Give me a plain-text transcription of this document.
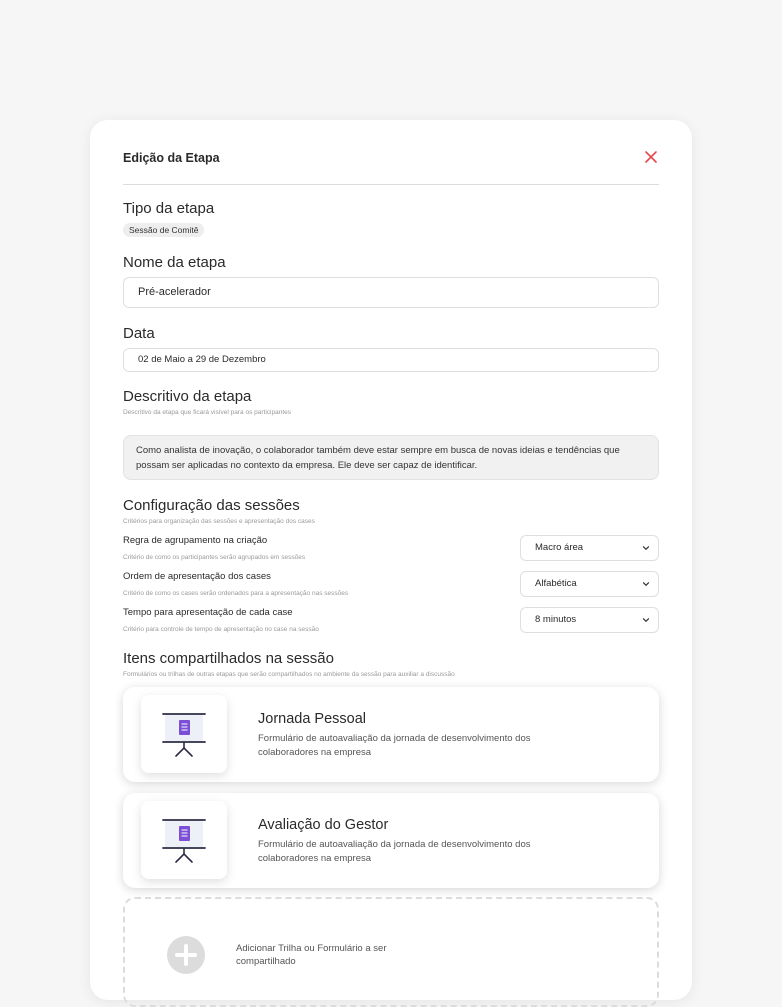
Edição da Etapa
Tipo da etapa
Sessão de Comitê
Nome da etapa
Pré-acelerador
Data
02 de Maio a 29 de Dezembro
Descritivo da etapa
Descritivo da etapa que ficará visível para os participantes
Como analista de inovação, o colaborador também deve estar sempre em busca de novas ideias e tendências que possam ser aplicadas no contexto da empresa. Ele deve ser capaz de identificar.
Configuração das sessões
Critérios para organização das sessões e apresentação dos cases
Regra de agrupamento na criação
Critério de como os participantes serão agrupados em sessões
Macro área
Ordem de apresentação dos cases
Critério de como os cases serão ordenados para a apresentação nas sessões
Alfabética
Tempo para apresentação de cada case
Critério para controle de tempo de apresentação no case na sessão
8 minutos
Itens compartilhados na sessão
Formulários ou trilhas de outras etapas que serão compartilhados no ambiente da sessão para auxiliar a discussão
Jornada Pessoal
Formulário de autoavaliação da jornada de desenvolvimento dos colaboradores na empresa
Avaliação do Gestor
Formulário de autoavaliação da jornada de desenvolvimento dos colaboradores na empresa
Adicionar Trilha ou Formulário a ser compartilhado
